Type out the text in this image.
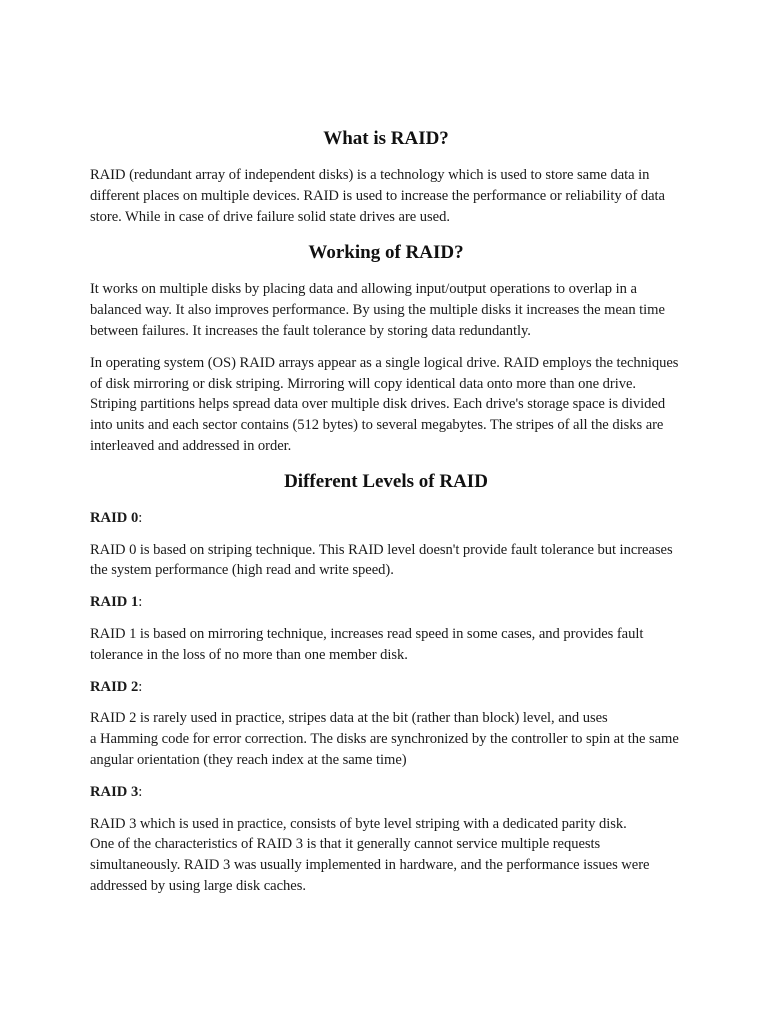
What is RAID?

RAID (redundant array of independent disks) is a technology which is used to store same data in different places on multiple devices. RAID is used to increase the performance or reliability of data store. While in case of drive failure solid state drives are used.

Working of RAID?

It works on multiple disks by placing data and allowing input/output operations to overlap in a balanced way. It also improves performance. By using the multiple disks it increases the mean time between failures. It increases the fault tolerance by storing data redundantly.

In operating system (OS) RAID arrays appear as a single logical drive. RAID employs the techniques of disk mirroring or disk striping. Mirroring will copy identical data onto more than one drive. Striping partitions helps spread data over multiple disk drives. Each drive's storage space is divided into units and each sector contains (512 bytes) to several megabytes. The stripes of all the disks are interleaved and addressed in order.

Different Levels of RAID
RAID 0:

RAID 0 is based on striping technique. This RAID level doesn't provide fault tolerance but increases the system performance (high read and write speed).

RAID 1:

RAID 1 is based on mirroring technique, increases read speed in some cases, and provides fault tolerance in the loss of no more than one member disk.

RAID 2:

RAID 2 is rarely used in practice, stripes data at the bit (rather than block) level, and uses
a Hamming code for error correction. The disks are synchronized by the controller to spin at the same angular orientation (they reach index at the same time)

RAID 3:

RAID 3 which is used in practice, consists of byte level striping with a dedicated parity disk.
One of the characteristics of RAID 3 is that it generally cannot service multiple requests simultaneously. RAID 3 was usually implemented in hardware, and the performance issues were addressed by using large disk caches.
